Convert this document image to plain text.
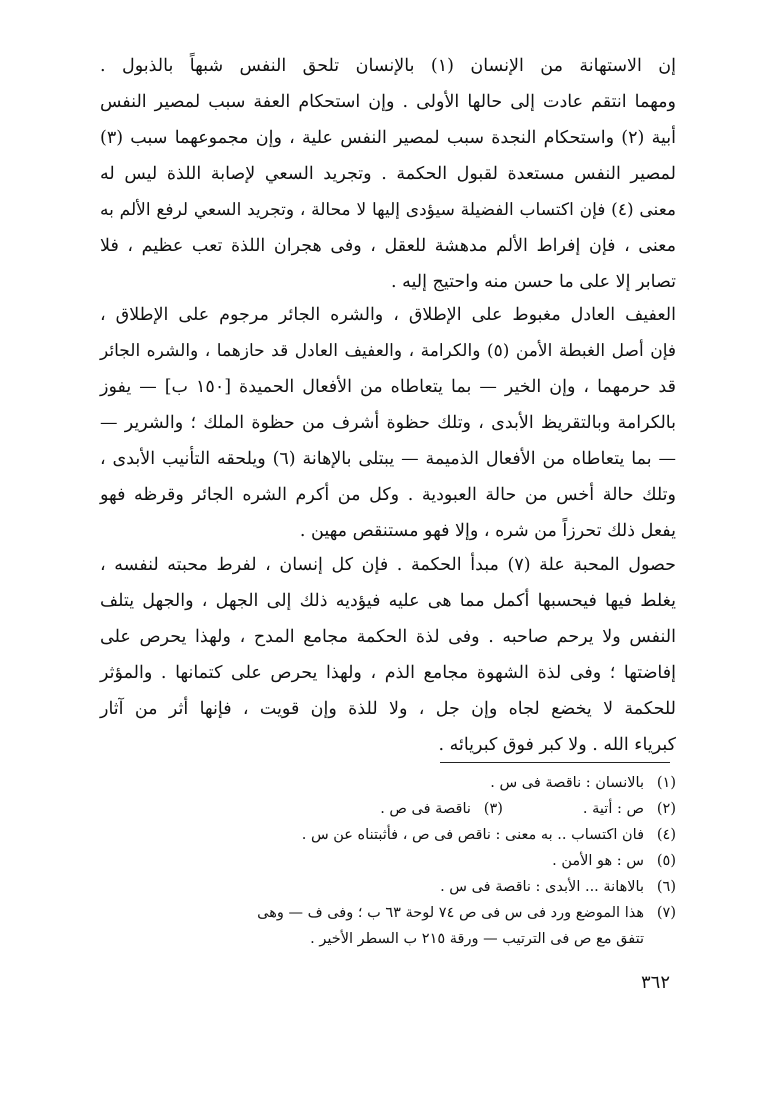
إن الاستهانة من الإنسان (١) بالإنسان تلحق النفس شبهاً بالذبول .
ومهما انتقم عادت إلى حالها الأولى . وإن استحكام العفة سبب لمصير النفس
أبية (٢) واستحكام النجدة سبب لمصير النفس علية ، وإن مجموعهما سبب (٣)
لمصير النفس مستعدة لقبول الحكمة . وتجريد السعي لإصابة اللذة ليس له
معنى (٤) فإن اكتساب الفضيلة سيؤدى إليها لا محالة ، وتجريد السعي لرفع الألم به
معنى ، فإن إفراط الألم مدهشة للعقل ، وفى هجران اللذة تعب عظيم ، فلا
تصابر إلا على ما حسن منه واحتيج إليه .
العفيف العادل مغبوط على الإطلاق ، والشره الجائر مرجوم على الإطلاق ،
فإن أصل الغبطة الأمن (٥) والكرامة ، والعفيف العادل قد حازهما ، والشره الجائر
قد حرمهما ، وإن الخير — بما يتعاطاه من الأفعال الحميدة [١٥٠ ب] — يفوز
بالكرامة وبالتقريظ الأبدى ، وتلك حظوة أشرف من حظوة الملك ؛ والشرير —
— بما يتعاطاه من الأفعال الذميمة — يبتلى بالإهانة (٦) ويلحقه التأنيب الأبدى ،
وتلك حالة أخس من حالة العبودية . وكل من أكرم الشره الجائر وقرظه فهو
يفعل ذلك تحرزاً من شره ، وإلا فهو مستنقص مهين .
حصول المحبة علة (٧) مبدأ الحكمة . فإن كل إنسان ، لفرط محبته لنفسه ،
يغلط فيها فيحسبها أكمل مما هى عليه فيؤديه ذلك إلى الجهل ، والجهل يتلف
النفس ولا يرحم صاحبه . وفى لذة الحكمة مجامع المدح ، ولهذا يحرص على
إفاضتها ؛ وفى لذة الشهوة مجامع الذم ، ولهذا يحرص على كتمانها . والمؤثر
للحكمة لا يخضع لجاه وإن جل ، ولا للذة وإن قويت ، فإنها أثر من آثار
كبرياء الله . ولا كبر فوق كبريائه .
(١)
بالانسان : ناقصة فى س .
(٢)
ص : أتية .
(٣)
ناقصة فى ص .
(٤)
فان اكتساب .. به معنى : ناقص فى ص ، فأثبتناه عن س .
(٥)
س : هو الأمن .
(٦)
بالاهانة ... الأبدى : ناقصة فى س .
(٧)
هذا الموضع ورد فى س فى ص ٧٤ لوحة ٦٣ ب ؛ وفى ف — وهى
تتفق مع ص فى الترتيب — ورقة ٢١٥ ب السطر الأخير .
٣٦٢
